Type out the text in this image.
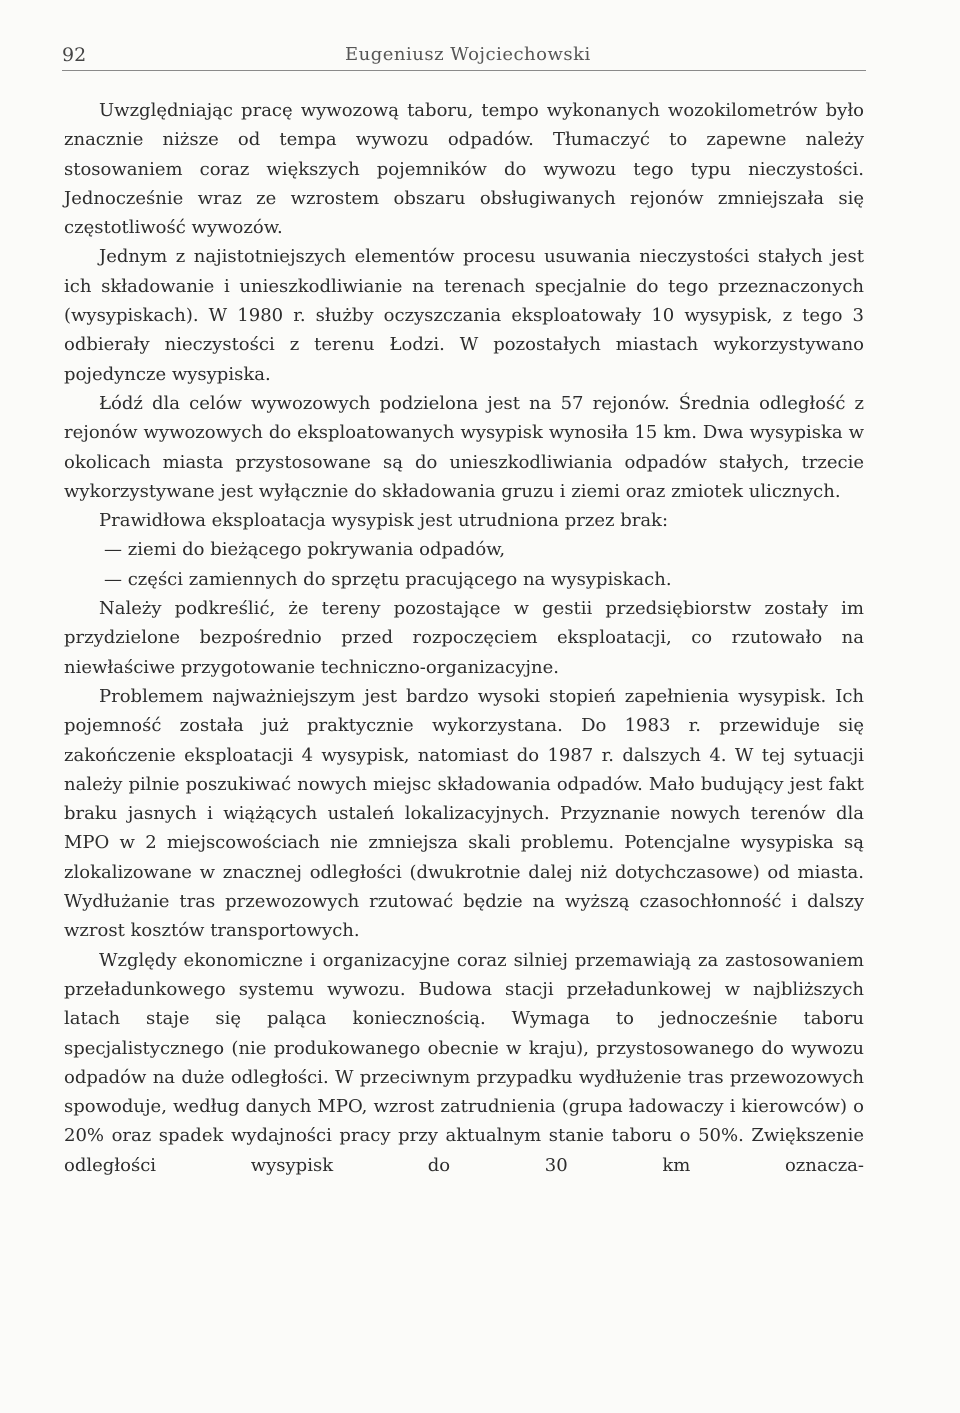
92	Eugeniusz Wojciechowski

Uwzględniając pracę wywozową taboru, tempo wykonanych wozokilometrów było znacznie niższe od tempa wywozu odpadów. Tłumaczyć to zapewne należy stosowaniem coraz większych pojemników do wywozu tego typu nieczystości. Jednocześnie wraz ze wzrostem obszaru obsługiwanych rejonów zmniejszała się częstotliwość wywozów.

Jednym z najistotniejszych elementów procesu usuwania nieczystości stałych jest ich składowanie i unieszkodliwianie na terenach specjalnie do tego przeznaczonych (wysypiskach). W 1980 r. służby oczyszczania eksploatowały 10 wysypisk, z tego 3 odbierały nieczystości z terenu Łodzi. W pozostałych miastach wykorzystywano pojedyncze wysypiska.

Łódź dla celów wywozowych podzielona jest na 57 rejonów. Średnia odległość z rejonów wywozowych do eksploatowanych wysypisk wynosiła 15 km. Dwa wysypiska w okolicach miasta przystosowane są do unieszkodliwiania odpadów stałych, trzecie wykorzystywane jest wyłącznie do składowania gruzu i ziemi oraz zmiotek ulicznych.

Prawidłowa eksploatacja wysypisk jest utrudniona przez brak:

— ziemi do bieżącego pokrywania odpadów,

— części zamiennych do sprzętu pracującego na wysypiskach.

Należy podkreślić, że tereny pozostające w gestii przedsiębiorstw zostały im przydzielone bezpośrednio przed rozpoczęciem eksploatacji, co rzutowało na niewłaściwe przygotowanie techniczno-organizacyjne.

Problemem najważniejszym jest bardzo wysoki stopień zapełnienia wysypisk. Ich pojemność została już praktycznie wykorzystana. Do 1983 r. przewiduje się zakończenie eksploatacji 4 wysypisk, natomiast do 1987 r. dalszych 4. W tej sytuacji należy pilnie poszukiwać nowych miejsc składowania odpadów. Mało budujący jest fakt braku jasnych i wiążących ustaleń lokalizacyjnych. Przyznanie nowych terenów dla MPO w 2 miejscowościach nie zmniejsza skali problemu. Potencjalne wysypiska są zlokalizowane w znacznej odległości (dwukrotnie dalej niż dotychczasowe) od miasta. Wydłużanie tras przewozowych rzutować będzie na wyższą czasochłonność i dalszy wzrost kosztów transportowych.

Względy ekonomiczne i organizacyjne coraz silniej przemawiają za zastosowaniem przeładunkowego systemu wywozu. Budowa stacji przeładunkowej w najbliższych latach staje się paląca koniecznością. Wymaga to jednocześnie taboru specjalistycznego (nie produkowanego obecnie w kraju), przystosowanego do wywozu odpadów na duże odległości. W przeciwnym przypadku wydłużenie tras przewozowych spowoduje, według danych MPO, wzrost zatrudnienia (grupa ładowaczy i kierowców) o 20% oraz spadek wydajności pracy przy aktualnym stanie taboru o 50%. Zwiększenie odległości wysypisk do 30 km oznacza-
